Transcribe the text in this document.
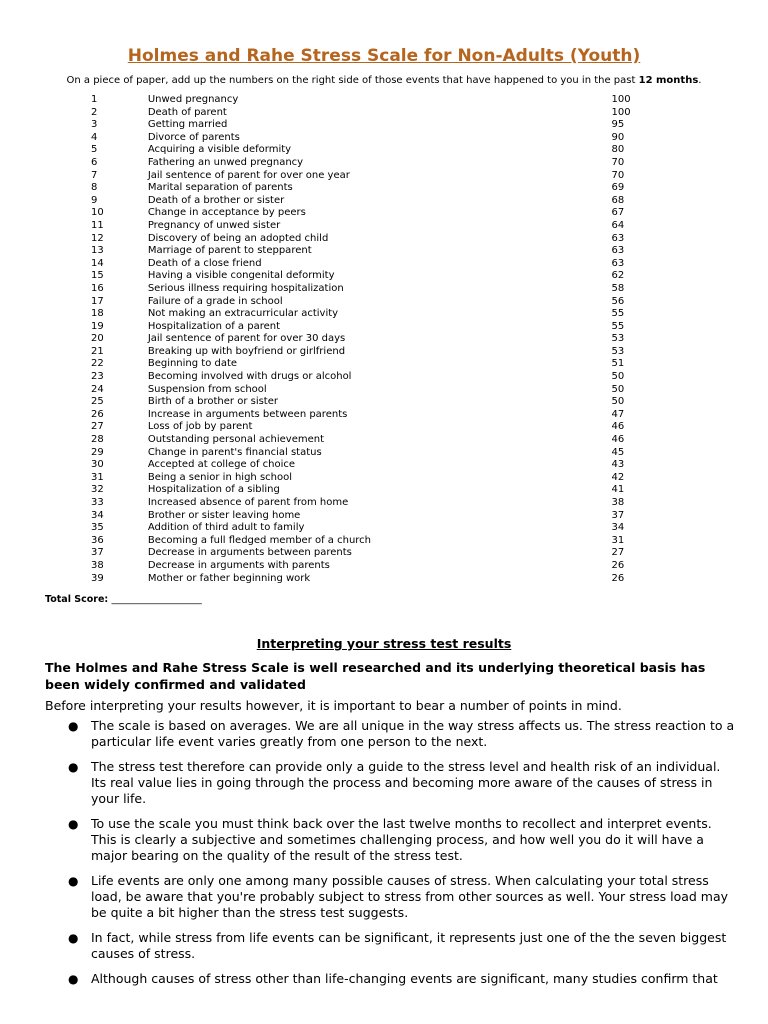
Holmes and Rahe Stress Scale for Non-Adults (Youth)

On a piece of paper, add up the numbers on the right side of those events that have happened to you in the past 12 months.

1	Unwed pregnancy	100
2	Death of parent	100
3	Getting married	95
4	Divorce of parents	90
5	Acquiring a visible deformity	80
6	Fathering an unwed pregnancy	70
7	Jail sentence of parent for over one year	70
8	Marital separation of parents	69
9	Death of a brother or sister	68
10	Change in acceptance by peers	67
11	Pregnancy of unwed sister	64
12	Discovery of being an adopted child	63
13	Marriage of parent to stepparent	63
14	Death of a close friend	63
15	Having a visible congenital deformity	62
16	Serious illness requiring hospitalization	58
17	Failure of a grade in school	56
18	Not making an extracurricular activity	55
19	Hospitalization of a parent	55
20	Jail sentence of parent for over 30 days	53
21	Breaking up with boyfriend or girlfriend	53
22	Beginning to date	51
23	Becoming involved with drugs or alcohol	50
24	Suspension from school	50
25	Birth of a brother or sister	50
26	Increase in arguments between parents	47
27	Loss of job by parent	46
28	Outstanding personal achievement	46
29	Change in parent's financial status	45
30	Accepted at college of choice	43
31	Being a senior in high school	42
32	Hospitalization of a sibling	41
33	Increased absence of parent from home	38
34	Brother or sister leaving home	37
35	Addition of third adult to family	34
36	Becoming a full fledged member of a church	31
37	Decrease in arguments between parents	27
38	Decrease in arguments with parents	26
39	Mother or father beginning work	26

Total Score: ___________________

Interpreting your stress test results

The Holmes and Rahe Stress Scale is well researched and its underlying theoretical basis has been widely confirmed and validated

Before interpreting your results however, it is important to bear a number of points in mind.

● The scale is based on averages. We are all unique in the way stress affects us. The stress reaction to a particular life event varies greatly from one person to the next.
● The stress test therefore can provide only a guide to the stress level and health risk of an individual. Its real value lies in going through the process and becoming more aware of the causes of stress in your life.
● To use the scale you must think back over the last twelve months to recollect and interpret events. This is clearly a subjective and sometimes challenging process, and how well you do it will have a major bearing on the quality of the result of the stress test.
● Life events are only one among many possible causes of stress. When calculating your total stress load, be aware that you're probably subject to stress from other sources as well. Your stress load may be quite a bit higher than the stress test suggests.
● In fact, while stress from life events can be significant, it represents just one of the the seven biggest causes of stress.
● Although causes of stress other than life-changing events are significant, many studies confirm that
